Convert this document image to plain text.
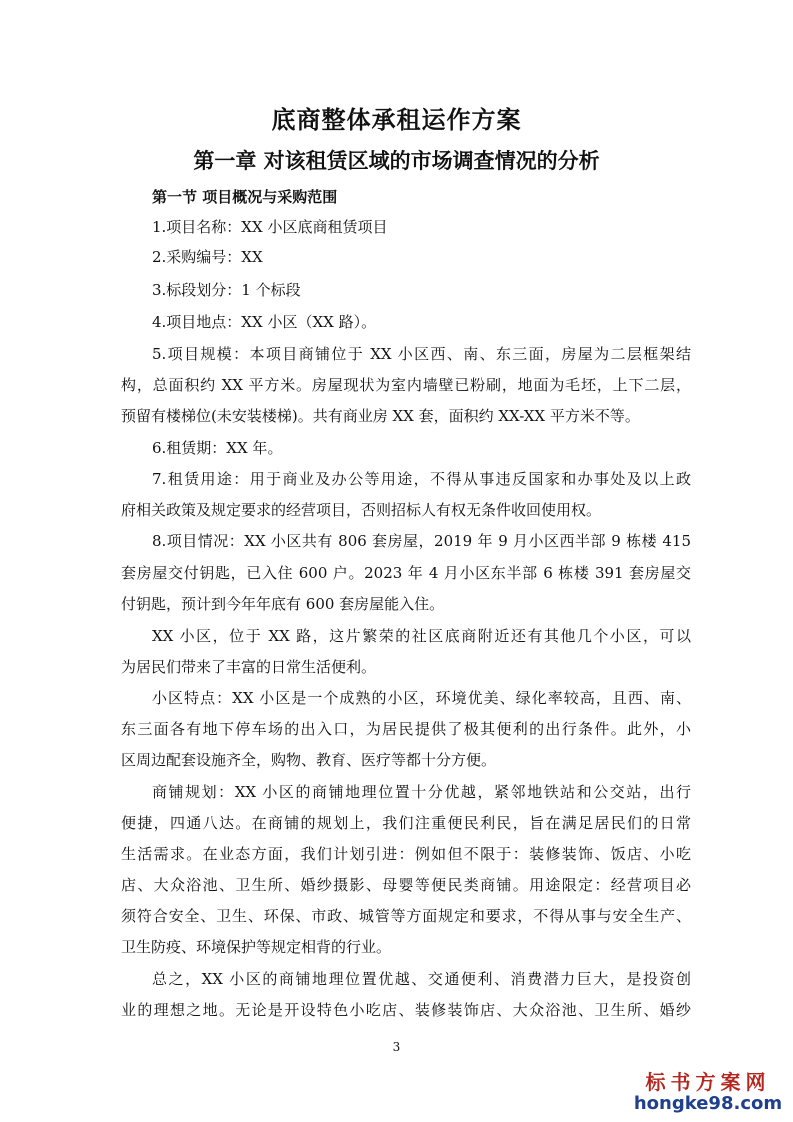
底商整体承租运作方案
第一章 对该租赁区域的市场调查情况的分析
第一节 项目概况与采购范围
1.项目名称：XX 小区底商租赁项目
2.采购编号：XX
3.标段划分：1 个标段
4.项目地点：XX 小区（XX 路）。
5.项目规模：本项目商铺位于 XX 小区西、南、东三面，房屋为二层框架结
构，总面积约 XX 平方米。房屋现状为室内墙壁已粉刷，地面为毛坯，上下二层，
预留有楼梯位(未安装楼梯)。共有商业房 XX 套，面积约 XX-XX 平方米不等。
6.租赁期：XX 年。
7.租赁用途：用于商业及办公等用途，不得从事违反国家和办事处及以上政
府相关政策及规定要求的经营项目，否则招标人有权无条件收回使用权。
8.项目情况：XX 小区共有 806 套房屋，2019 年 9 月小区西半部 9 栋楼 415
套房屋交付钥匙，已入住 600 户。2023 年 4 月小区东半部 6 栋楼 391 套房屋交
付钥匙，预计到今年年底有 600 套房屋能入住。
XX 小区，位于 XX 路，这片繁荣的社区底商附近还有其他几个小区，可以
为居民们带来了丰富的日常生活便利。
小区特点：XX 小区是一个成熟的小区，环境优美、绿化率较高，且西、南、
东三面各有地下停车场的出入口，为居民提供了极其便利的出行条件。此外，小
区周边配套设施齐全，购物、教育、医疗等都十分方便。
商铺规划：XX 小区的商铺地理位置十分优越，紧邻地铁站和公交站，出行
便捷，四通八达。在商铺的规划上，我们注重便民利民，旨在满足居民们的日常
生活需求。在业态方面，我们计划引进：例如但不限于：装修装饰、饭店、小吃
店、大众浴池、卫生所、婚纱摄影、母婴等便民类商铺。用途限定：经营项目必
须符合安全、卫生、环保、市政、城管等方面规定和要求，不得从事与安全生产、
卫生防疫、环境保护等规定相背的行业。
总之，XX 小区的商铺地理位置优越、交通便利、消费潜力巨大，是投资创
业的理想之地。无论是开设特色小吃店、装修装饰店、大众浴池、卫生所、婚纱
3
标书方案网
hongke98.com
